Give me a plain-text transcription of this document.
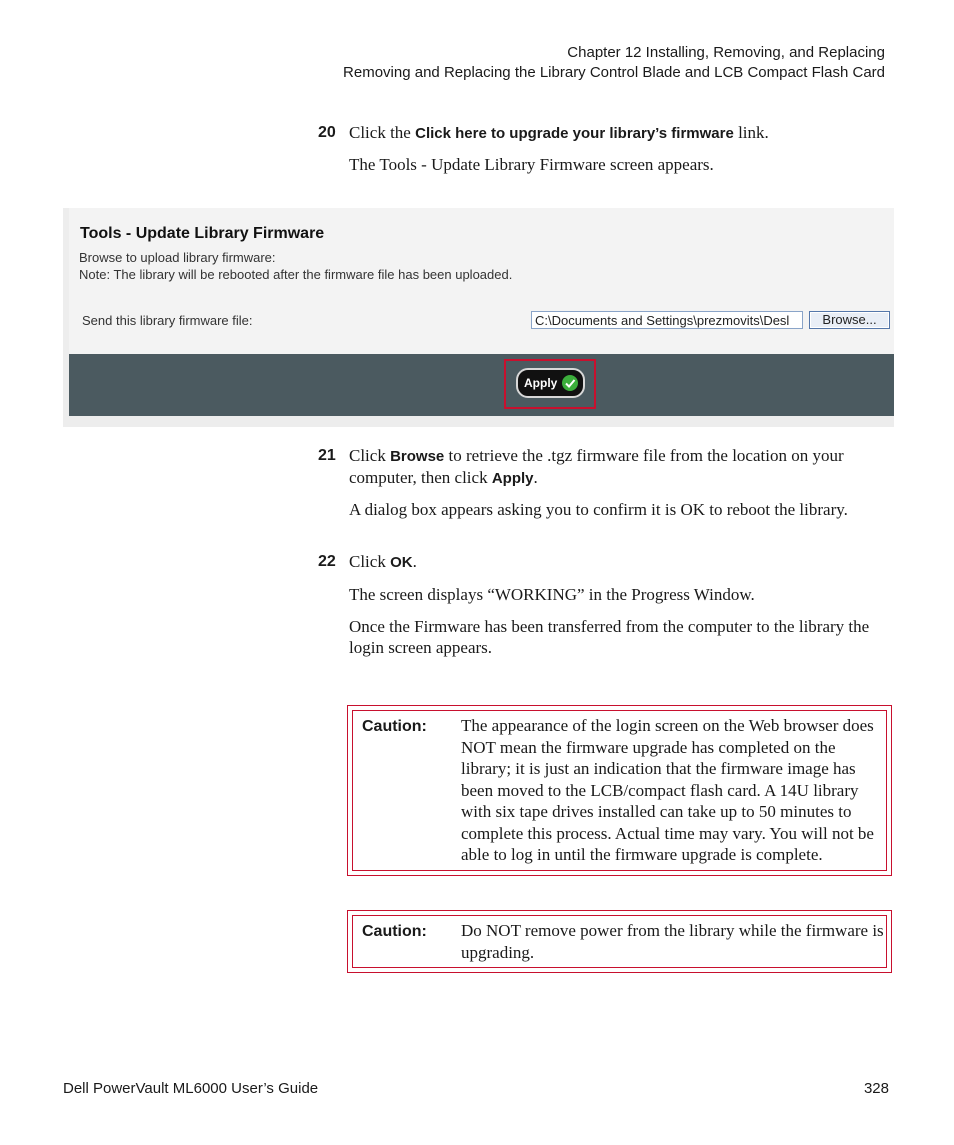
Chapter 12 Installing, Removing, and Replacing
Removing and Replacing the Library Control Blade and LCB Compact Flash Card
20 Click the Click here to upgrade your library’s firmware link.
The Tools - Update Library Firmware screen appears.
Tools - Update Library Firmware
Browse to upload library firmware:
Note: The library will be rebooted after the firmware file has been uploaded.
Send this library firmware file:	C:\Documents and Settings\prezmovits\Desl	Browse...
Apply
21 Click Browse to retrieve the .tgz firmware file from the location on your computer, then click Apply.
A dialog box appears asking you to confirm it is OK to reboot the library.
22 Click OK.
The screen displays “WORKING” in the Progress Window.
Once the Firmware has been transferred from the computer to the library the login screen appears.
Caution: The appearance of the login screen on the Web browser does NOT mean the firmware upgrade has completed on the library; it is just an indication that the firmware image has been moved to the LCB/compact flash card. A 14U library with six tape drives installed can take up to 50 minutes to complete this process. Actual time may vary. You will not be able to log in until the firmware upgrade is complete.
Caution: Do NOT remove power from the library while the firmware is upgrading.
Dell PowerVault ML6000 User’s Guide	328
